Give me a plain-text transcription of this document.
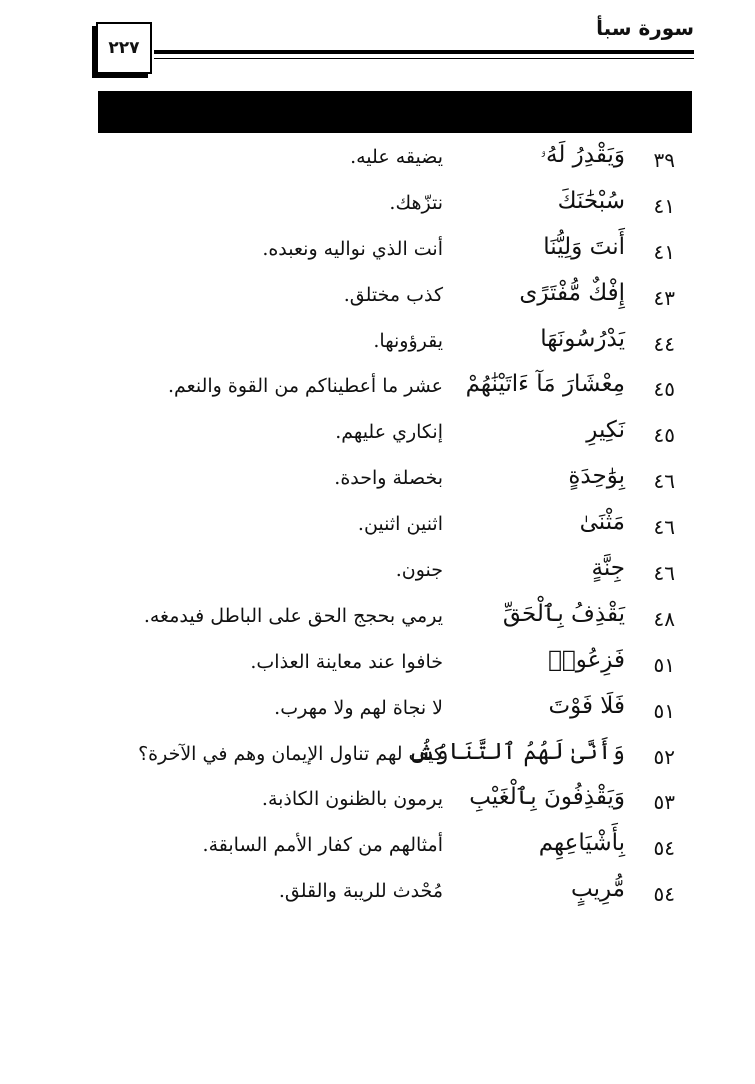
٢٢٧
سورة سبأ
٣٩
وَيَقْدِرُ لَهُۥ
يضيقه عليه.
٤١
سُبْحَٰنَكَ
نتزّهك.
٤١
أَنتَ وَلِيُّنَا
أنت الذي نواليه ونعبده.
٤٣
إِفْكٌ مُّفْتَرًى
كذب مختلق.
٤٤
يَدْرُسُونَهَا
يقرؤونها.
٤٥
مِعْشَارَ مَآ ءَاتَيْنَٰهُمْ
عشر ما أعطيناكم من القوة والنعم.
٤٥
نَكِيرِ
إنكاري عليهم.
٤٦
بِوَٰحِدَةٍ
بخصلة واحدة.
٤٦
مَثْنَىٰ
اثنين اثنين.
٤٦
جِنَّةٍ
جنون.
٤٨
يَقْذِفُ بِٱلْحَقِّ
يرمي بحجج الحق على الباطل فيدمغه.
٥١
فَزِعُوا۟
خافوا عند معاينة العذاب.
٥١
فَلَا فَوْتَ
لا نجاة لهم ولا مهرب.
٥٢
وَأَنَّىٰ لَهُمُ ٱلتَّنَاوُشُ
كيف لهم تناول الإيمان وهم في الآخرة؟
٥٣
وَيَقْذِفُونَ بِٱلْغَيْبِ
يرمون بالظنون الكاذبة.
٥٤
بِأَشْيَاعِهِم
أمثالهم من كفار الأمم السابقة.
٥٤
مُّرِيبٍ
مُحْدث للريبة والقلق.
